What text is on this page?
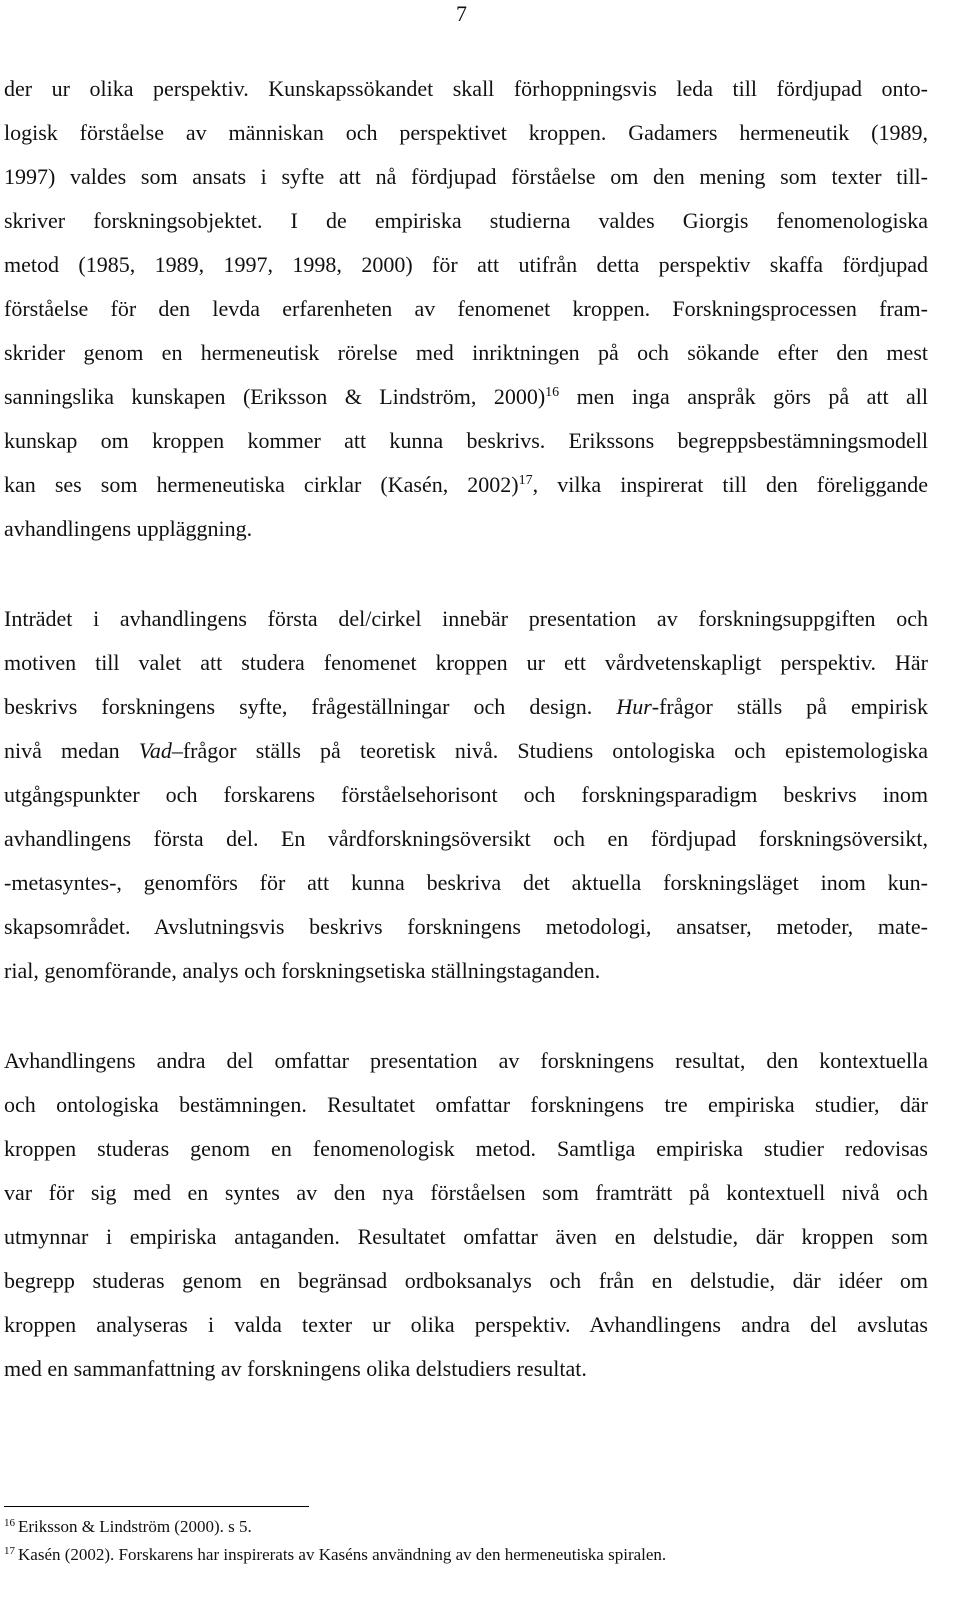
7
der ur olika perspektiv. Kunskapssökandet skall förhoppningsvis leda till fördjupad onto-
logisk förståelse av människan och perspektivet kroppen. Gadamers hermeneutik (1989,
1997) valdes som ansats i syfte att nå fördjupad förståelse om den mening som texter till-
skriver forskningsobjektet. I de empiriska studierna valdes Giorgis fenomenologiska
metod (1985, 1989, 1997, 1998, 2000) för att utifrån detta perspektiv skaffa fördjupad
förståelse för den levda erfarenheten av fenomenet kroppen. Forskningsprocessen fram-
skrider genom en hermeneutisk rörelse med inriktningen på och sökande efter den mest
sanningslika kunskapen (Eriksson & Lindström, 2000)$^{16}$ men inga anspråk görs på att all
kunskap om kroppen kommer att kunna beskrivs. Erikssons begreppsbestämningsmodell
kan ses som hermeneutiska cirklar (Kasén, 2002)$^{17}$, vilka inspirerat till den föreliggande
avhandlingens uppläggning.
Inträdet i avhandlingens första del/cirkel innebär presentation av forskningsuppgiften och
motiven till valet att studera fenomenet kroppen ur ett vårdvetenskapligt perspektiv. Här
beskrivs forskningens syfte, frågeställningar och design. Hur-frågor ställs på empirisk
nivå medan Vad–frågor ställs på teoretisk nivå. Studiens ontologiska och epistemologiska
utgångspunkter och forskarens förståelsehorisont och forskningsparadigm beskrivs inom
avhandlingens första del. En vårdforskningsöversikt och en fördjupad forskningsöversikt,
-metasyntes-, genomförs för att kunna beskriva det aktuella forskningsläget inom kun-
skapsområdet. Avslutningsvis beskrivs forskningens metodologi, ansatser, metoder, mate-
rial, genomförande, analys och forskningsetiska ställningstaganden.
Avhandlingens andra del omfattar presentation av forskningens resultat, den kontextuella
och ontologiska bestämningen. Resultatet omfattar forskningens tre empiriska studier, där
kroppen studeras genom en fenomenologisk metod. Samtliga empiriska studier redovisas
var för sig med en syntes av den nya förståelsen som framträtt på kontextuell nivå och
utmynnar i empiriska antaganden. Resultatet omfattar även en delstudie, där kroppen som
begrepp studeras genom en begränsad ordboksanalys och från en delstudie, där idéer om
kroppen analyseras i valda texter ur olika perspektiv. Avhandlingens andra del avslutas
med en sammanfattning av forskningens olika delstudiers resultat.
$^{16}$ Eriksson & Lindström (2000). s 5.
$^{17}$ Kasén (2002). Forskarens har inspirerats av Kaséns användning av den hermeneutiska spiralen.
